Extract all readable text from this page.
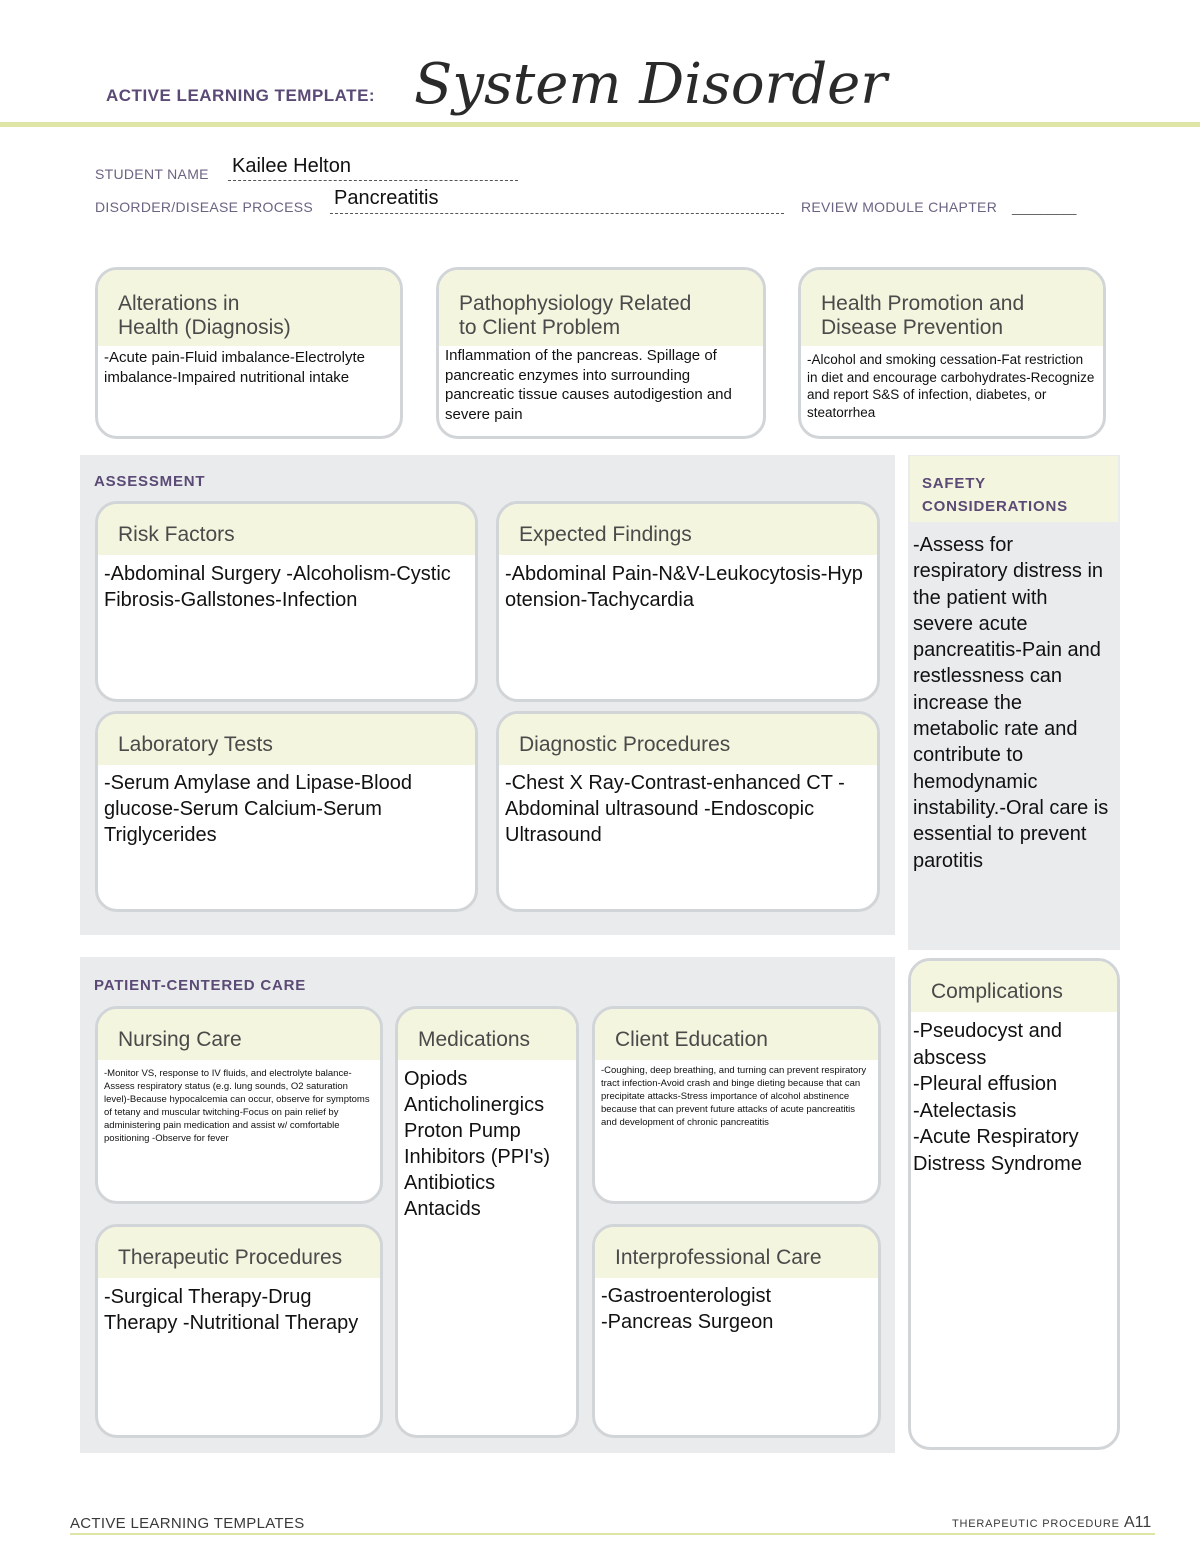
ACTIVE LEARNING TEMPLATE: System Disorder
STUDENT NAME Kailee Helton
DISORDER/DISEASE PROCESS Pancreatitis	REVIEW MODULE CHAPTER ________
Alterations in
Health (Diagnosis)
-Acute pain-Fluid imbalance-Electrolyte imbalance-Impaired nutritional intake
Pathophysiology Related
to Client Problem
Inflammation of the pancreas. Spillage of pancreatic enzymes into surrounding pancreatic tissue causes autodigestion and severe pain
Health Promotion and
Disease Prevention
-Alcohol and smoking cessation-Fat restriction in diet and encourage carbohydrates-Recognize and report S&S of infection, diabetes, or steatorrhea
ASSESSMENT
Risk Factors
-Abdominal Surgery -Alcoholism-Cystic Fibrosis-Gallstones-Infection
Expected Findings
-Abdominal Pain-N&V-Leukocytosis-Hypotension-Tachycardia
Laboratory Tests
-Serum Amylase and Lipase-Blood glucose-Serum Calcium-Serum Triglycerides
Diagnostic Procedures
-Chest X Ray-Contrast-enhanced CT -Abdominal ultrasound -Endoscopic Ultrasound
SAFETY
CONSIDERATIONS
-Assess for respiratory distress in the patient with severe acute pancreatitis-Pain and restlessness can increase the metabolic rate and contribute to hemodynamic instability.-Oral care is essential to prevent parotitis
PATIENT-CENTERED CARE
Nursing Care
-Monitor VS, response to IV fluids, and electrolyte balance-Assess respiratory status (e.g. lung sounds, O2 saturation level)-Because hypocalcemia can occur, observe for symptoms of tetany and muscular twitching-Focus on pain relief by administering pain medication and assist w/ comfortable positioning -Observe for fever
Medications
Opiods
Anticholinergics
Proton Pump Inhibitors (PPI's)
Antibiotics
Antacids
Client Education
-Coughing, deep breathing, and turning can prevent respiratory tract infection-Avoid crash and binge dieting because that can precipitate attacks-Stress importance of alcohol abstinence because that can prevent future attacks of acute pancreatitis and development of chronic pancreatitis
Therapeutic Procedures
-Surgical Therapy-Drug Therapy -Nutritional Therapy
Interprofessional Care
-Gastroenterologist
-Pancreas Surgeon
Complications
-Pseudocyst and abscess
-Pleural effusion
-Atelectasis
-Acute Respiratory Distress Syndrome
ACTIVE LEARNING TEMPLATES	THERAPEUTIC PROCEDURE A11
